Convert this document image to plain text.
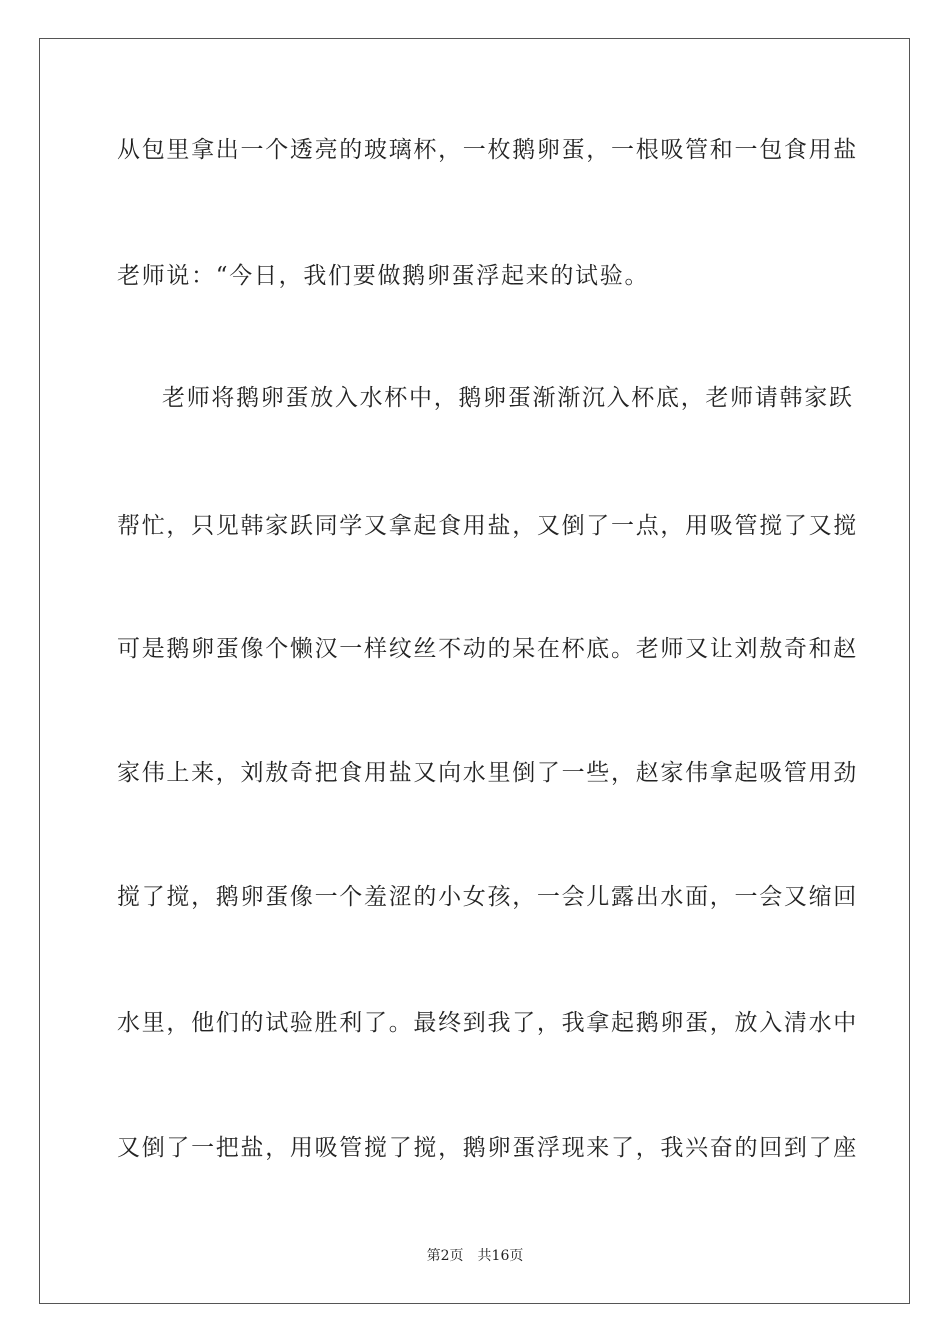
从包里拿出一个透亮的玻璃杯，一枚鹅卵蛋，一根吸管和一包食用盐
老师说：“今日，我们要做鹅卵蛋浮起来的试验。
老师将鹅卵蛋放入水杯中，鹅卵蛋渐渐沉入杯底，老师请韩家跃
帮忙，只见韩家跃同学又拿起食用盐，又倒了一点，用吸管搅了又搅
可是鹅卵蛋像个懒汉一样纹丝不动的呆在杯底。老师又让刘敖奇和赵
家伟上来，刘敖奇把食用盐又向水里倒了一些，赵家伟拿起吸管用劲
搅了搅，鹅卵蛋像一个羞涩的小女孩，一会儿露出水面，一会又缩回
水里，他们的试验胜利了。最终到我了，我拿起鹅卵蛋，放入清水中
又倒了一把盐，用吸管搅了搅，鹅卵蛋浮现来了，我兴奋的回到了座
第2页　共16页
